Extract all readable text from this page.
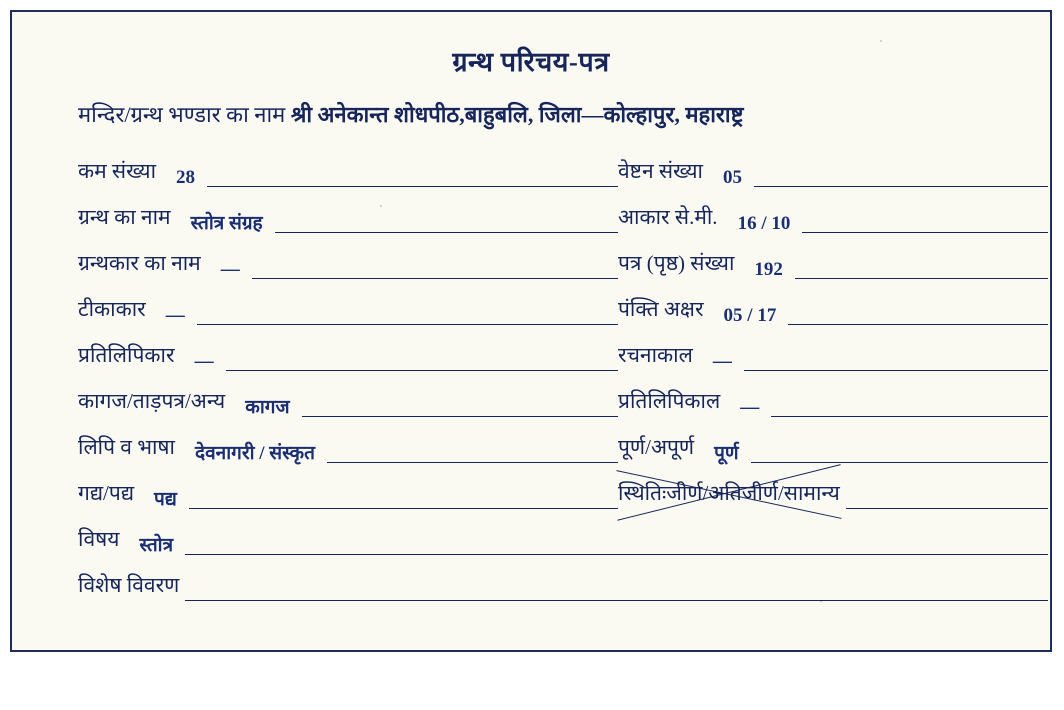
ग्रन्थ परिचय-पत्र
मन्दिर/ग्रन्थ भण्डार का नाम श्री अनेकान्त शोधपीठ,बाहुबलि, जिला—कोल्हापुर, महाराष्ट्र
कम संख्या	28	वेष्टन संख्या	05
ग्रन्थ का नाम	स्तोत्र संग्रह	आकार से.मी.	16 / 10
ग्रन्थकार का नाम	—	पत्र (पृष्ठ) संख्या	192
टीकाकार	—	पंक्ति अक्षर	05 / 17
प्रतिलिपिकार	—	रचनाकाल	—
कागज/ताड़पत्र/अन्य	कागज	प्रतिलिपिकाल	—
लिपि व भाषा	देवनागरी / संस्कृत	पूर्ण/अपूर्ण	पूर्ण
गद्य/पद्य	पद्य	स्थितिःजीर्ण/अतिजीर्ण/सामान्य
विषय	स्तोत्र
विशेष विवरण
